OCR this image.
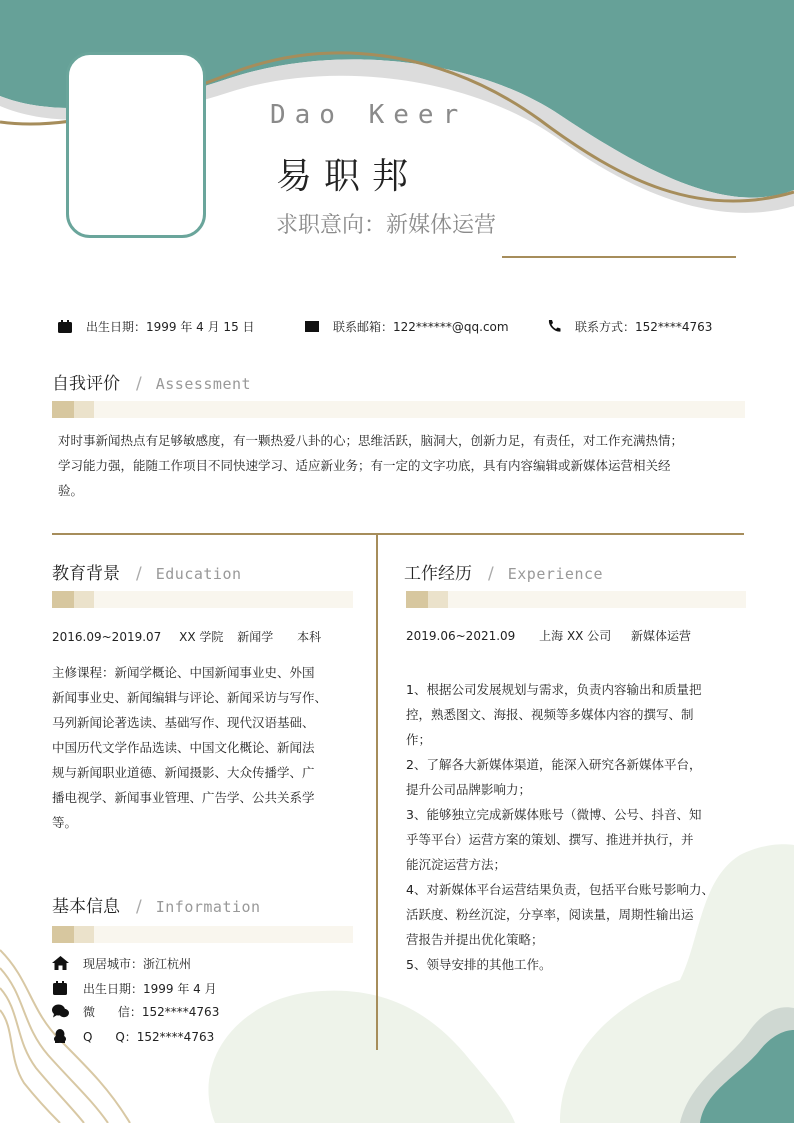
Dao Keer
易职邦
求职意向：新媒体运营
出生日期：1999 年 4 月 15 日	联系邮箱：122******@qq.com	联系方式：152****4763
自我评价 / Assessment
对时事新闻热点有足够敏感度，有一颗热爱八卦的心；思维活跃，脑洞大，创新力足，有责任，对工作充满热情；
学习能力强，能随工作项目不同快速学习、适应新业务；有一定的文字功底，具有内容编辑或新媒体运营相关经
验。
教育背景 / Education
2016.09~2019.07 XX 学院 新闻学 本科
主修课程：新闻学概论、中国新闻事业史、外国
新闻事业史、新闻编辑与评论、新闻采访与写作、
马列新闻论著选读、基础写作、现代汉语基础、
中国历代文学作品选读、中国文化概论、新闻法
规与新闻职业道德、新闻摄影、大众传播学、广
播电视学、新闻事业管理、广告学、公共关系学
等。
基本信息 / Information
现居城市：浙江杭州
出生日期：1999 年 4 月
微      信：152****4763
Q      Q：152****4763
工作经历 / Experience
2019.06~2021.09 上海 XX 公司 新媒体运营
1、根据公司发展规划与需求，负责内容输出和质量把
控，熟悉图文、海报、视频等多媒体内容的撰写、制
作；
2、了解各大新媒体渠道，能深入研究各新媒体平台，
提升公司品牌影响力；
3、能够独立完成新媒体账号（微博、公号、抖音、知
乎等平台）运营方案的策划、撰写、推进并执行，并
能沉淀运营方法；
4、对新媒体平台运营结果负责，包括平台账号影响力、
活跃度、粉丝沉淀，分享率，阅读量，周期性输出运
营报告并提出优化策略；
5、领导安排的其他工作。
